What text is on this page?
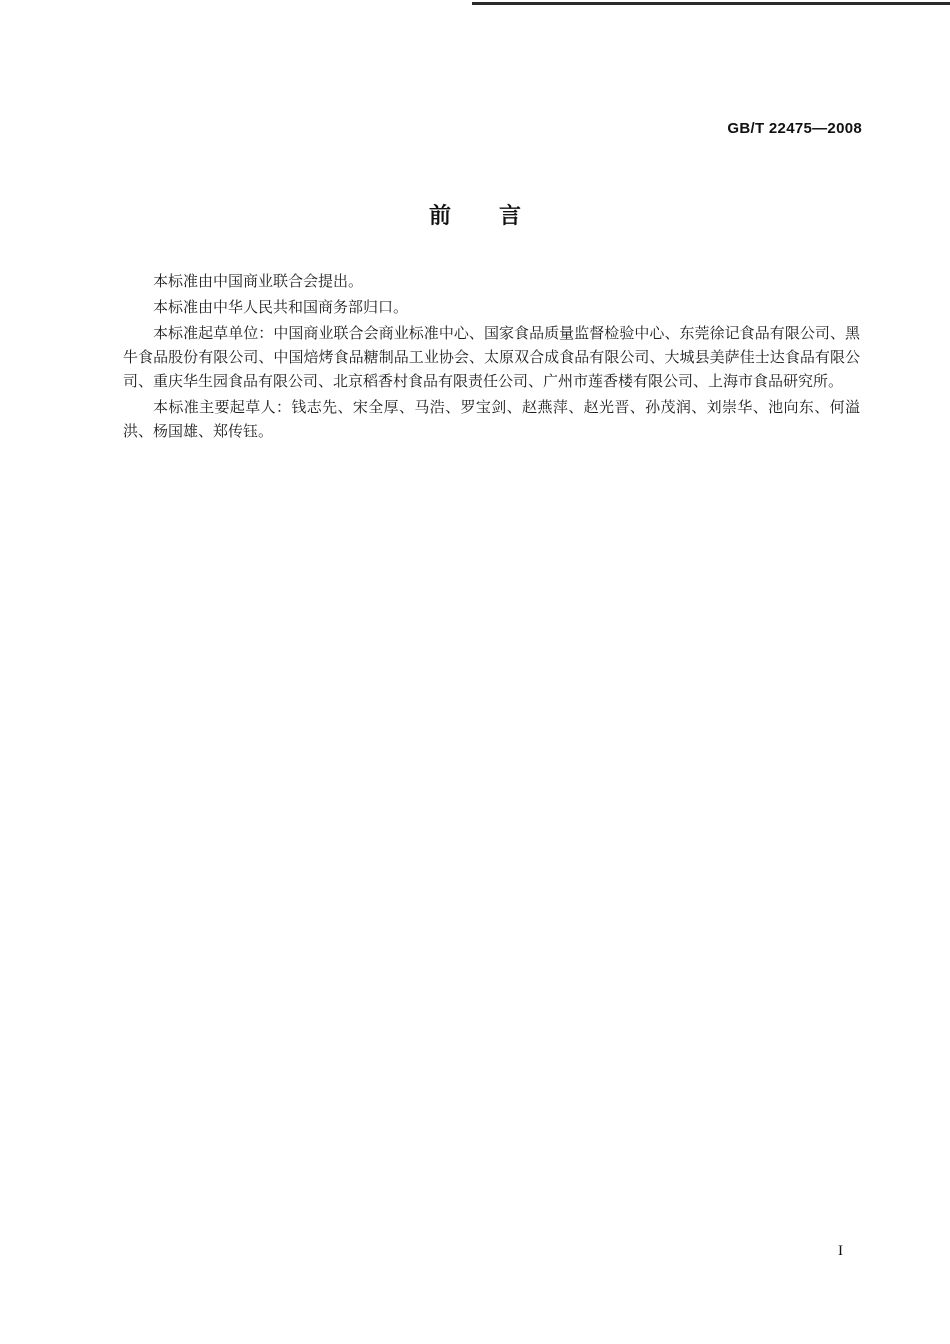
GB/T 22475—2008
前言

本标准由中国商业联合会提出。

本标准由中华人民共和国商务部归口。

本标准起草单位：中国商业联合会商业标准中心、国家食品质量监督检验中心、东莞徐记食品有限公司、黑牛食品股份有限公司、中国焙烤食品糖制品工业协会、太原双合成食品有限公司、大城县美萨佳士达食品有限公司、重庆华生园食品有限公司、北京稻香村食品有限责任公司、广州市莲香楼有限公司、上海市食品研究所。

本标准主要起草人：钱志先、宋全厚、马浩、罗宝剑、赵燕萍、赵光晋、孙茂润、刘崇华、池向东、何溢洪、杨国雄、郑传钰。

I
